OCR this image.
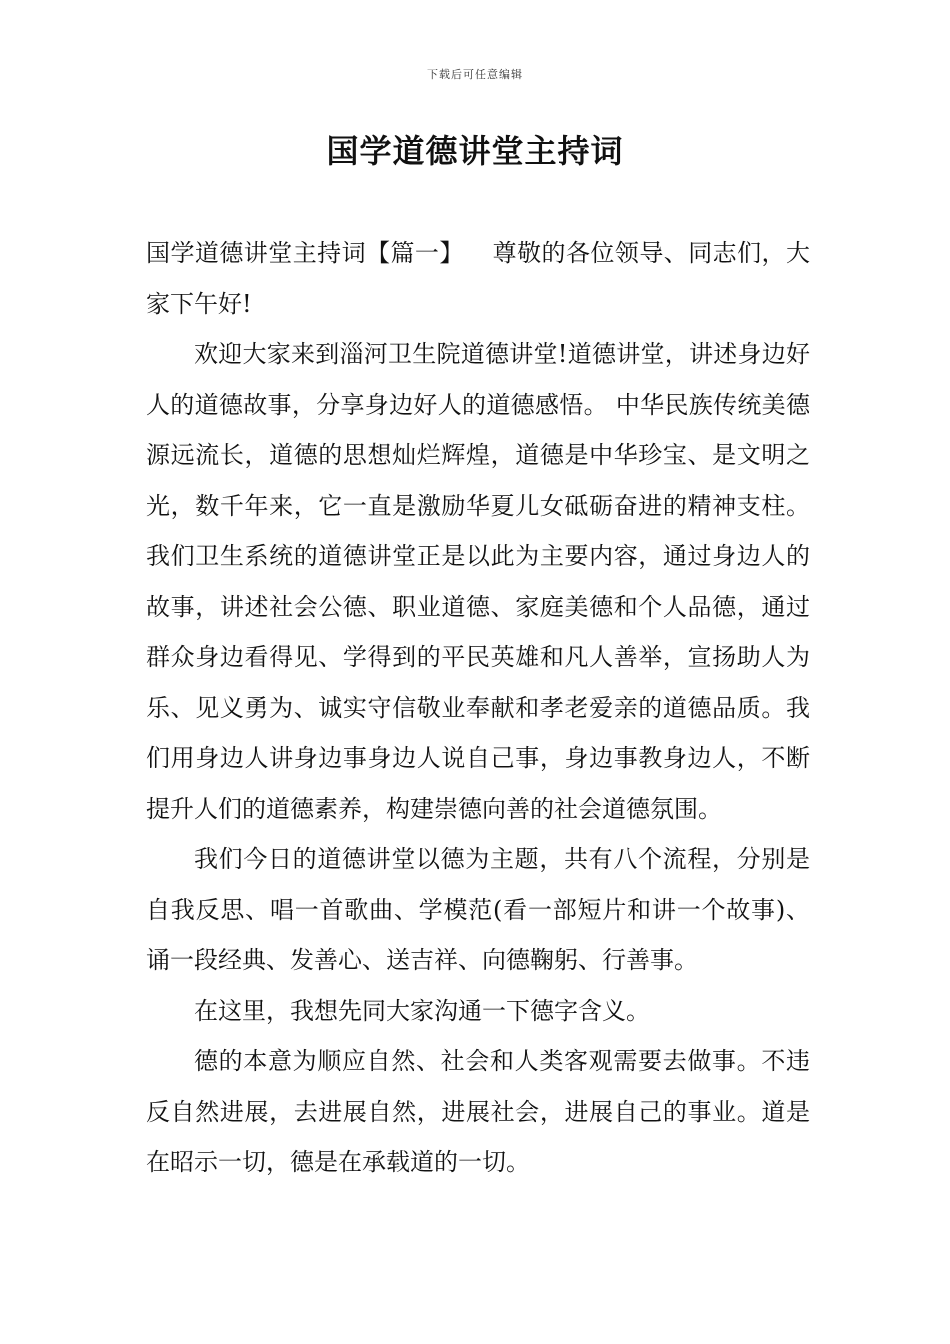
下载后可任意编辑
国学道德讲堂主持词

国学道德讲堂主持词【篇一】 尊敬的各位领导、同志们，大家下午好!

欢迎大家来到淄河卫生院道德讲堂!道德讲堂，讲述身边好人的道德故事，分享身边好人的道德感悟。 中华民族传统美德源远流长，道德的思想灿烂辉煌，道德是中华珍宝、是文明之光，数千年来，它一直是激励华夏儿女砥砺奋进的精神支柱。我们卫生系统的道德讲堂正是以此为主要内容，通过身边人的故事，讲述社会公德、职业道德、家庭美德和个人品德，通过群众身边看得见、学得到的平民英雄和凡人善举，宣扬助人为乐、见义勇为、诚实守信敬业奉献和孝老爱亲的道德品质。我们用身边人讲身边事身边人说自己事，身边事教身边人，不断提升人们的道德素养，构建崇德向善的社会道德氛围。

我们今日的道德讲堂以德为主题，共有八个流程，分别是自我反思、唱一首歌曲、学模范(看一部短片和讲一个故事)、诵一段经典、发善心、送吉祥、向德鞠躬、行善事。

在这里，我想先同大家沟通一下德字含义。

德的本意为顺应自然、社会和人类客观需要去做事。不违反自然进展，去进展自然，进展社会，进展自己的事业。道是在昭示一切，德是在承载道的一切。
